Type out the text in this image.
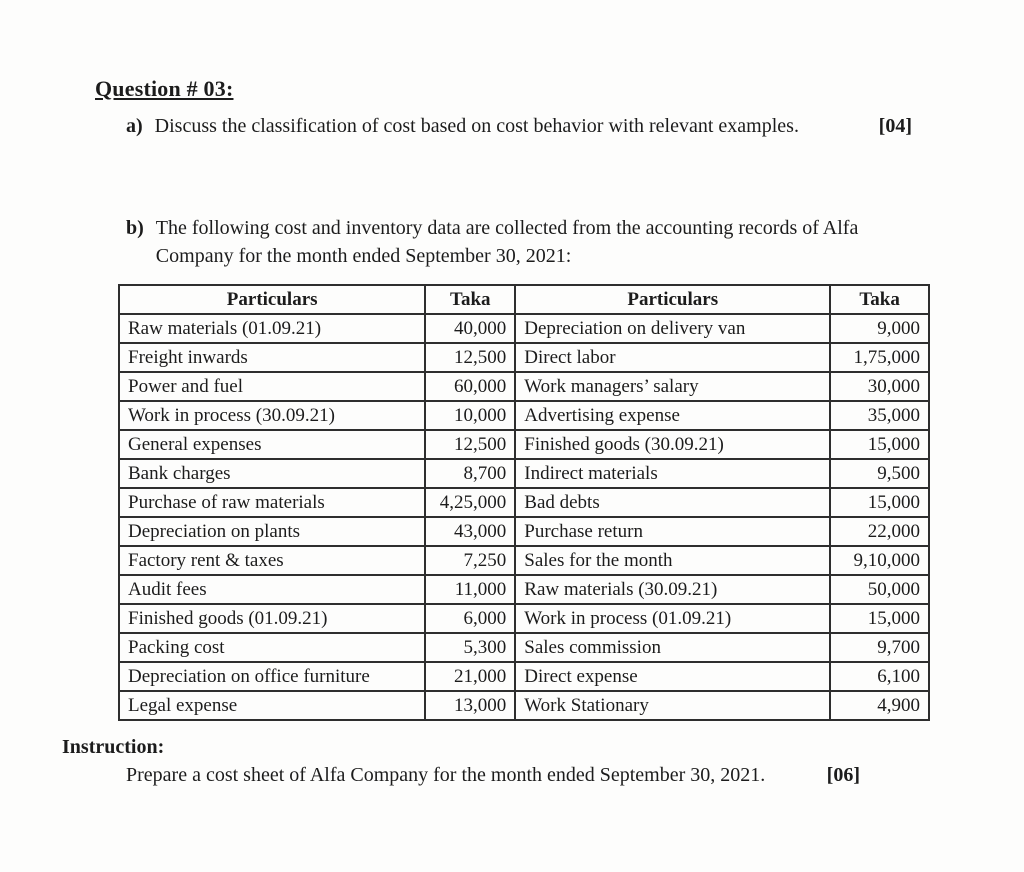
Question # 03:
a) Discuss the classification of cost based on cost behavior with relevant examples.	[04]
b) The following cost and inventory data are collected from the accounting records of Alfa Company for the month ended September 30, 2021:
Particulars	Taka	Particulars	Taka
Raw materials (01.09.21)	40,000	Depreciation on delivery van	9,000
Freight inwards	12,500	Direct labor	1,75,000
Power and fuel	60,000	Work managers’ salary	30,000
Work in process (30.09.21)	10,000	Advertising expense	35,000
General expenses	12,500	Finished goods (30.09.21)	15,000
Bank charges	8,700	Indirect materials	9,500
Purchase of raw materials	4,25,000	Bad debts	15,000
Depreciation on plants	43,000	Purchase return	22,000
Factory rent & taxes	7,250	Sales for the month	9,10,000
Audit fees	11,000	Raw materials (30.09.21)	50,000
Finished goods (01.09.21)	6,000	Work in process (01.09.21)	15,000
Packing cost	5,300	Sales commission	9,700
Depreciation on office furniture	21,000	Direct expense	6,100
Legal expense	13,000	Work Stationary	4,900
Instruction:
Prepare a cost sheet of Alfa Company for the month ended September 30, 2021.	[06]
